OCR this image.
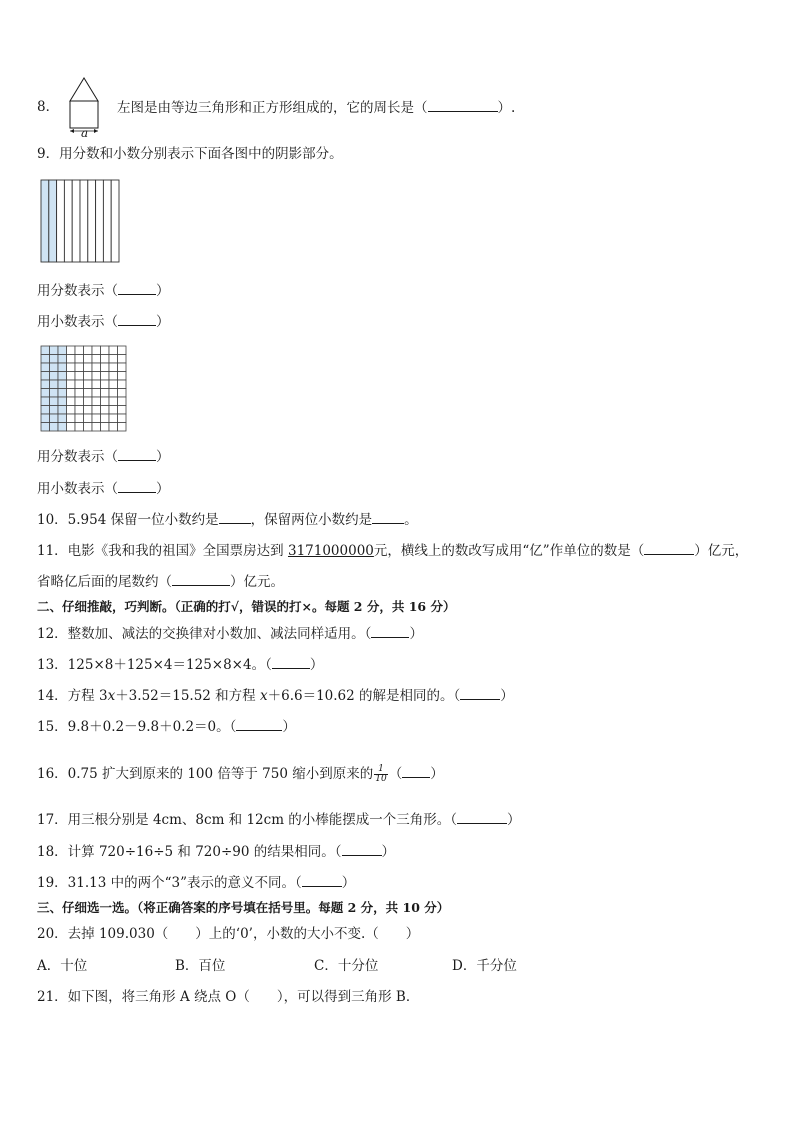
8．
a
左图是由等边三角形和正方形组成的，它的周长是（	）.
9．用分数和小数分别表示下面各图中的阴影部分。
用分数表示（	）
用小数表示（	）
用分数表示（	）
用小数表示（	）
10．5.954 保留一位小数约是 ，保留两位小数约是 。
11．电影《我和我的祖国》全国票房达到 3171000000元，横线上的数改写成用“亿”作单位的数是（	）亿元，
省略亿后面的尾数约（	）亿元。
二、仔细推敲，巧判断。（正确的打√，错误的打×。每题 2 分，共 16 分）
12．整数加、减法的交换律对小数加、减法同样适用。（	）
13．125×8＋125×4＝125×8×4。（	）
14．方程 3x＋3.52＝15.52 和方程 x＋6.6＝10.62 的解是相同的。（	）
15．9.8＋0.2－9.8＋0.2＝0。（	）
16．0.75 扩大到原来的 100 倍等于 750 缩小到原来的 $\frac{1}{10}$ （ ）
17．用三根分别是 4cm、8cm 和 12cm 的小棒能摆成一个三角形。（	）
18．计算 720÷16÷5 和 720÷90 的结果相同。（	）
19．31.13 中的两个“3”表示的意义不同。（	）
三、仔细选一选。（将正确答案的序号填在括号里。每题 2 分，共 10 分）
20．去掉 109.030（　　）上的‘0’，小数的大小不变.（　　）
A．十位	B．百位	C．十分位	D．千分位
21．如下图，将三角形 A 绕点 O（　　），可以得到三角形 B．
